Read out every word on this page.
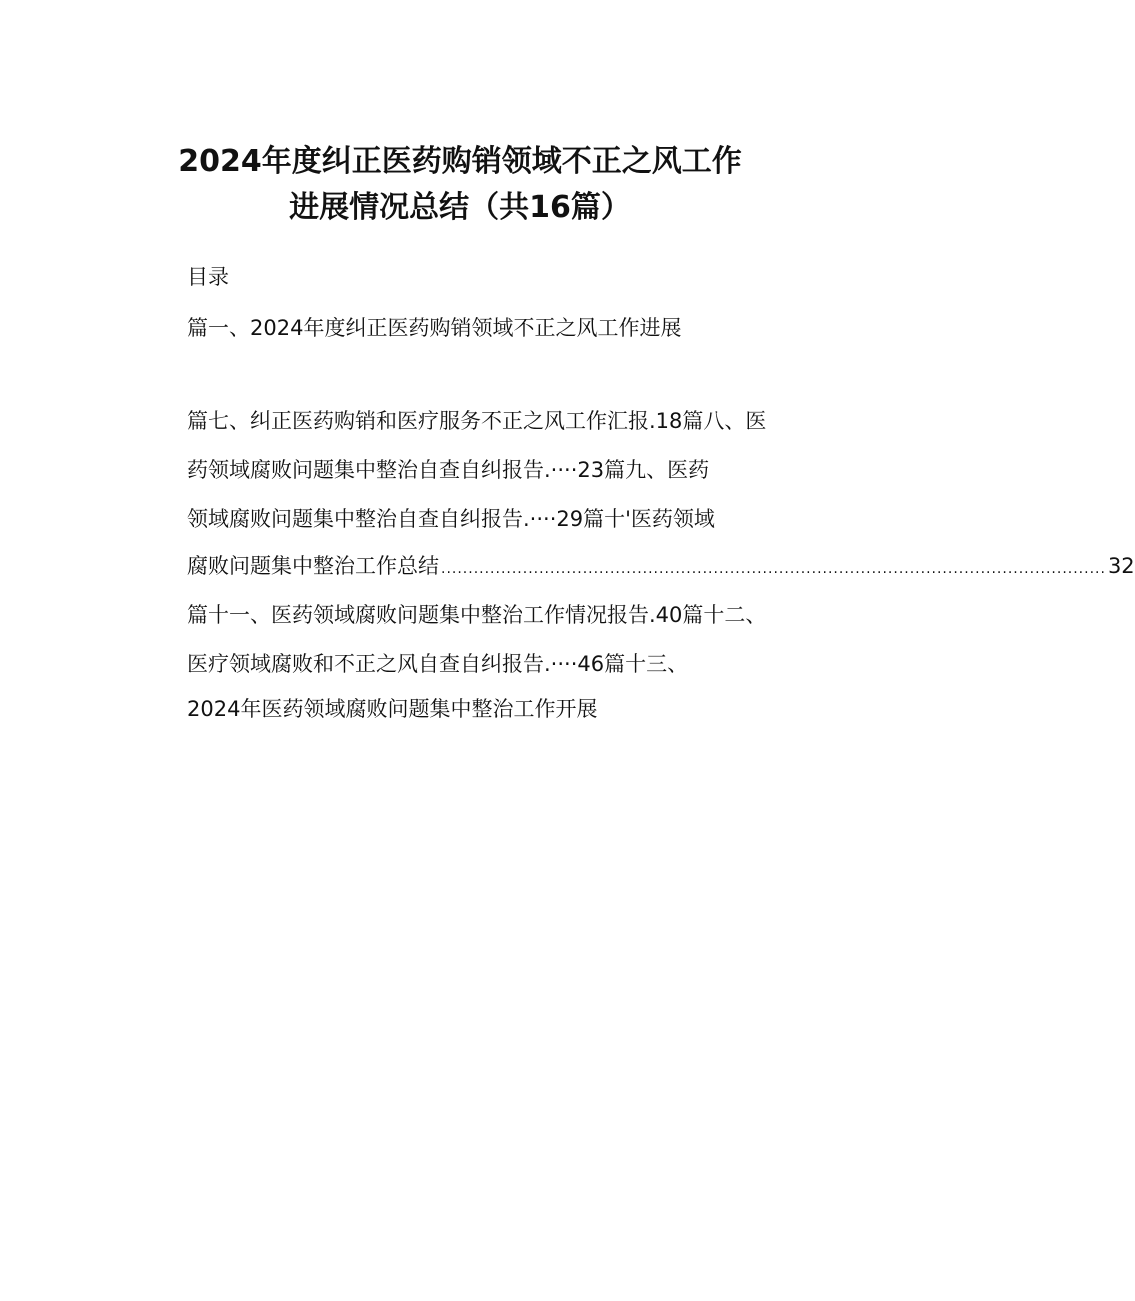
2024年度纠正医药购销领域不正之风工作
进展情况总结（共16篇）
目录
篇一、2024年度纠正医药购销领域不正之风工作进展
篇七、纠正医药购销和医疗服务不正之风工作汇报.18篇八、医
药领域腐败问题集中整治自查自纠报告.····23篇九、医药
领域腐败问题集中整治自查自纠报告.····29篇十'医药领域
腐败问题集中整治工作总结 .......................................................................................................................... 32
篇十一、医药领域腐败问题集中整治工作情况报告.40篇十二、
医疗领域腐败和不正之风自查自纠报告.····46篇十三、
2024年医药领域腐败问题集中整治工作开展
